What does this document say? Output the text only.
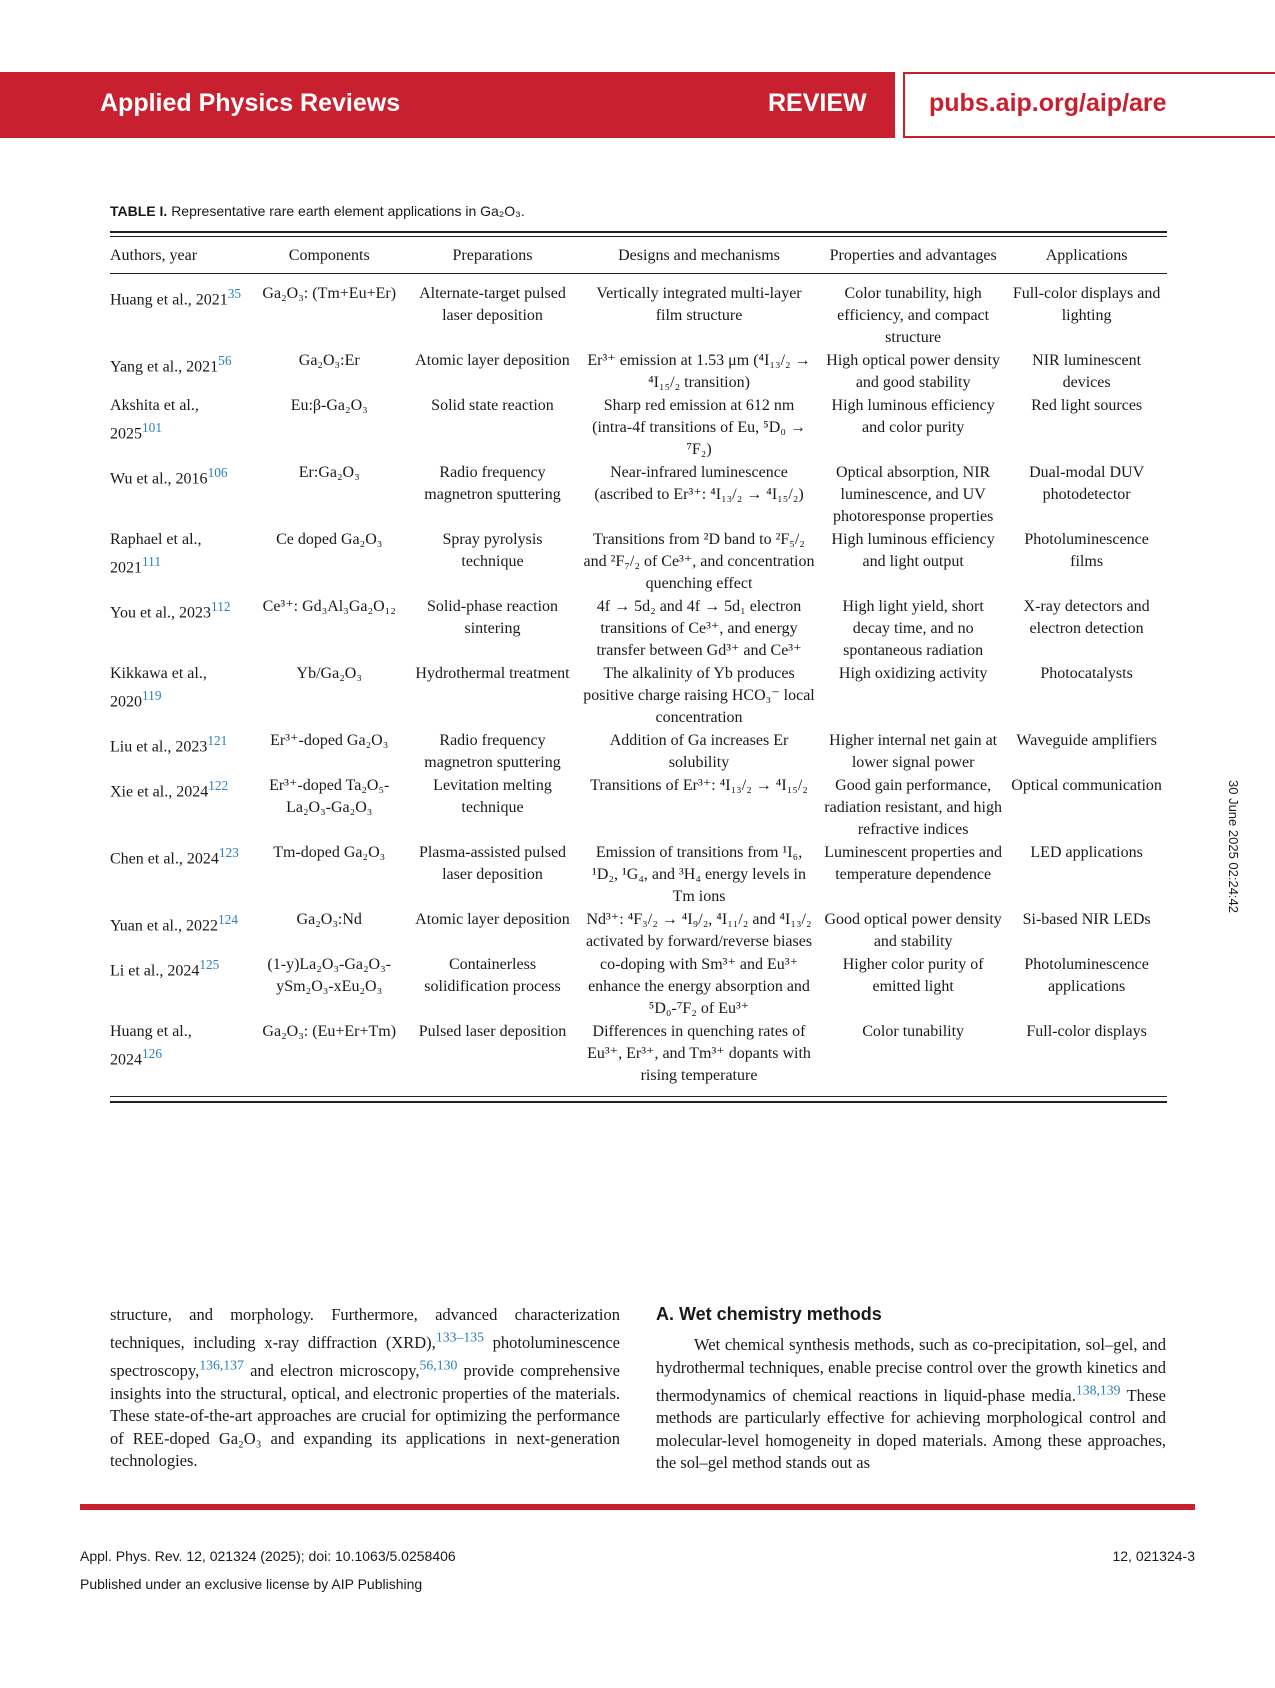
Applied Physics Reviews	REVIEW pubs.aip.org/aip/are
TABLE I. Representative rare earth element applications in Ga₂O₃.
Authors, year	Components	Preparations	Designs and mechanisms	Properties and advantages	Applications
Huang et al., 2021$^{35}$	Ga₂O₃: (Tm+Eu+Er)	Alternate-target pulsed laser deposition	Vertically integrated multi-layer film structure	Color tunability, high efficiency, and compact structure	Full-color displays and lighting
Yang et al., 2021$^{56}$	Ga₂O₃:Er	Atomic layer deposition	Er³⁺ emission at 1.53 μm (⁴I₁₃/₂ → ⁴I₁₅/₂ transition)	High optical power density and good stability	NIR luminescent devices
Akshita et al., 2025$^{101}$	Eu:β-Ga₂O₃	Solid state reaction	Sharp red emission at 612 nm (intra-4f transitions of Eu, ⁵D₀ → ⁷F₂)	High luminous efficiency and color purity	Red light sources
Wu et al., 2016$^{106}$	Er:Ga₂O₃	Radio frequency magnetron sputtering	Near-infrared luminescence (ascribed to Er³⁺: ⁴I₁₃/₂ → ⁴I₁₅/₂)	Optical absorption, NIR luminescence, and UV photoresponse properties	Dual-modal DUV photodetector
Raphael et al., 2021$^{111}$	Ce doped Ga₂O₃	Spray pyrolysis technique	Transitions from ²D band to ²F₅/₂ and ²F₇/₂ of Ce³⁺, and concentration quenching effect	High luminous efficiency and light output	Photoluminescence films
You et al., 2023$^{112}$	Ce³⁺: Gd₃Al₃Ga₂O₁₂	Solid-phase reaction sintering	4f → 5d₂ and 4f → 5d₁ electron transitions of Ce³⁺, and energy transfer between Gd³⁺ and Ce³⁺	High light yield, short decay time, and no spontaneous radiation	X-ray detectors and electron detection
Kikkawa et al., 2020$^{119}$	Yb/Ga₂O₃	Hydrothermal treatment	The alkalinity of Yb produces positive charge raising HCO₃⁻ local concentration	High oxidizing activity	Photocatalysts
Liu et al., 2023$^{121}$	Er³⁺-doped Ga₂O₃	Radio frequency magnetron sputtering	Addition of Ga increases Er solubility	Higher internal net gain at lower signal power	Waveguide amplifiers
Xie et al., 2024$^{122}$	Er³⁺-doped Ta₂O₅-La₂O₃-Ga₂O₃	Levitation melting technique	Transitions of Er³⁺: ⁴I₁₃/₂ → ⁴I₁₅/₂	Good gain performance, radiation resistant, and high refractive indices	Optical communication
Chen et al., 2024$^{123}$	Tm-doped Ga₂O₃	Plasma-assisted pulsed laser deposition	Emission of transitions from ¹I₆, ¹D₂, ¹G₄, and ³H₄ energy levels in Tm ions	Luminescent properties and temperature dependence	LED applications
Yuan et al., 2022$^{124}$	Ga₂O₃:Nd	Atomic layer deposition	Nd³⁺: ⁴F₃/₂ → ⁴I₉/₂, ⁴I₁₁/₂ and ⁴I₁₃/₂ activated by forward/reverse biases	Good optical power density and stability	Si-based NIR LEDs
Li et al., 2024$^{125}$	(1-y)La₂O₃-Ga₂O₃-ySm₂O₃-xEu₂O₃	Containerless solidification process	co-doping with Sm³⁺ and Eu³⁺ enhance the energy absorption and ⁵D₀-⁷F₂ of Eu³⁺	Higher color purity of emitted light	Photoluminescence applications
Huang et al., 2024$^{126}$	Ga₂O₃: (Eu+Er+Tm)	Pulsed laser deposition	Differences in quenching rates of Eu³⁺, Er³⁺, and Tm³⁺ dopants with rising temperature	Color tunability	Full-color displays
structure, and morphology. Furthermore, advanced characterization techniques, including x-ray diffraction (XRD),$^{133-135}$ photoluminescence spectroscopy,$^{136,137}$ and electron microscopy,$^{56,130}$ provide comprehensive insights into the structural, optical, and electronic properties of the materials. These state-of-the-art approaches are crucial for optimizing the performance of REE-doped Ga₂O₃ and expanding its applications in next-generation technologies.
A. Wet chemistry methods
Wet chemical synthesis methods, such as co-precipitation, sol–gel, and hydrothermal techniques, enable precise control over the growth kinetics and thermodynamics of chemical reactions in liquid-phase media.$^{138,139}$ These methods are particularly effective for achieving morphological control and molecular-level homogeneity in doped materials. Among these approaches, the sol–gel method stands out as
30 June 2025 02:24:42
Appl. Phys. Rev. 12, 021324 (2025); doi: 10.1063/5.0258406
Published under an exclusive license by AIP Publishing
12, 021324-3
